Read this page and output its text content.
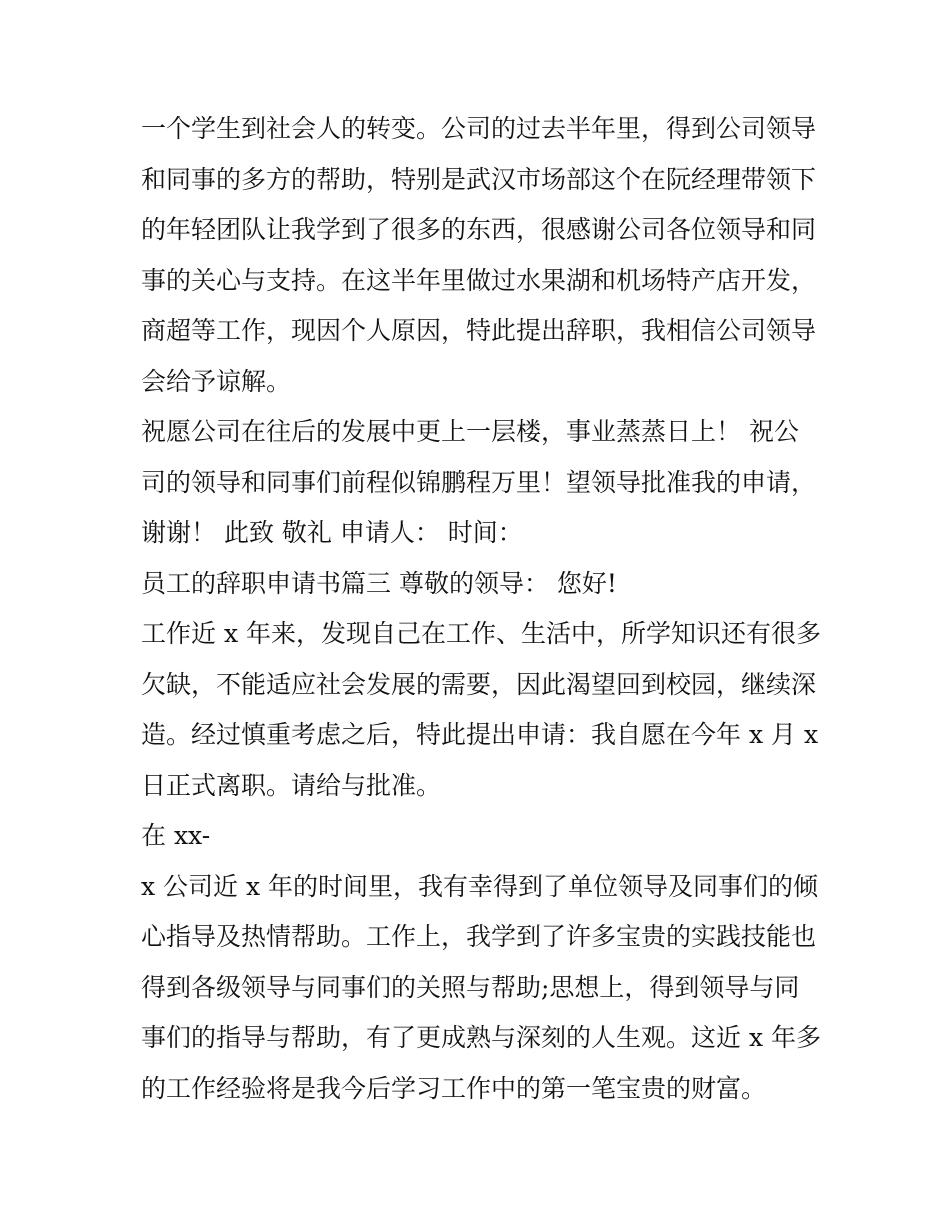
一个学生到社会人的转变。公司的过去半年里，得到公司领导
和同事的多方的帮助，特别是武汉市场部这个在阮经理带领下
的年轻团队让我学到了很多的东西，很感谢公司各位领导和同
事的关心与支持。在这半年里做过水果湖和机场特产店开发，
商超等工作，现因个人原因，特此提出辞职，我相信公司领导
会给予谅解。
祝愿公司在往后的发展中更上一层楼，事业蒸蒸日上！ 祝公
司的领导和同事们前程似锦鹏程万里！望领导批准我的申请，
谢谢！ 此致 敬礼 申请人： 时间：
员工的辞职申请书篇三 尊敬的领导： 您好!
工作近 x 年来，发现自己在工作、生活中，所学知识还有很多
欠缺，不能适应社会发展的需要，因此渴望回到校园，继续深
造。经过慎重考虑之后，特此提出申请：我自愿在今年 x 月 x
日正式离职。请给与批准。
在 xx-
x 公司近 x 年的时间里，我有幸得到了单位领导及同事们的倾
心指导及热情帮助。工作上，我学到了许多宝贵的实践技能也
得到各级领导与同事们的关照与帮助;思想上，得到领导与同
事们的指导与帮助，有了更成熟与深刻的人生观。这近 x 年多
的工作经验将是我今后学习工作中的第一笔宝贵的财富。
